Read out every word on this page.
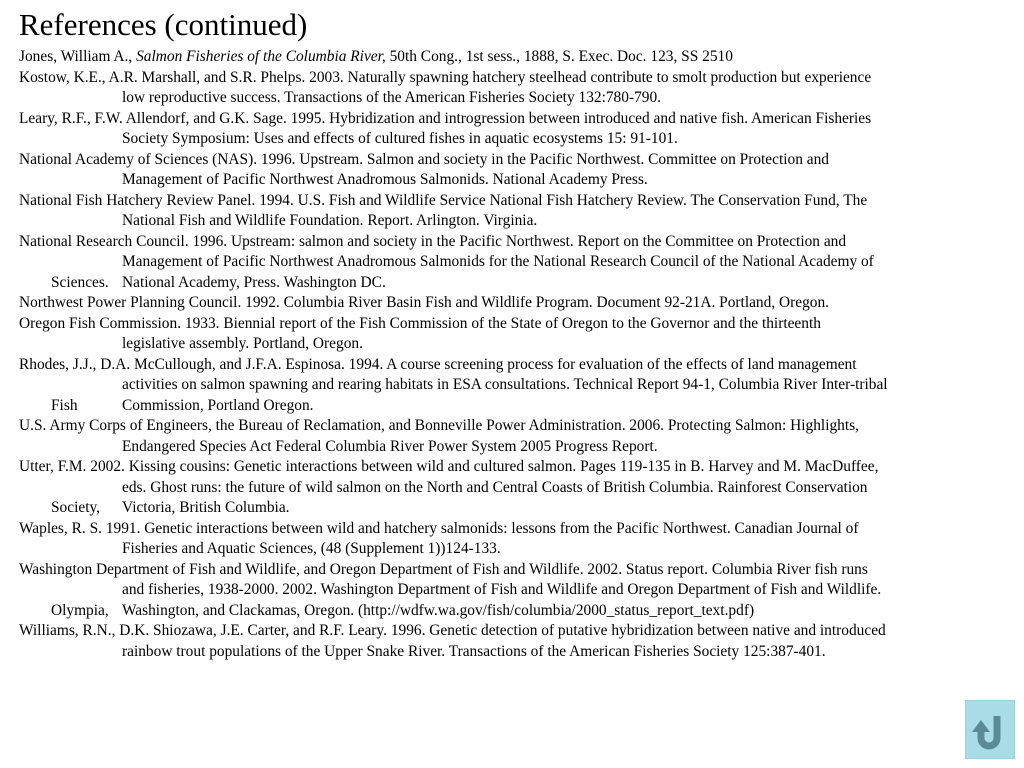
References (continued)
Jones, William A., Salmon Fisheries of the Columbia River, 50th Cong., 1st sess., 1888, S. Exec. Doc. 123, SS 2510
Kostow, K.E., A.R. Marshall, and S.R. Phelps. 2003. Naturally spawning hatchery steelhead contribute to smolt production but experience
low reproductive success. Transactions of the American Fisheries Society 132:780-790.
Leary, R.F., F.W. Allendorf, and G.K. Sage. 1995. Hybridization and introgression between introduced and native fish. American Fisheries
Society Symposium: Uses and effects of cultured fishes in aquatic ecosystems 15: 91-101.
National Academy of Sciences (NAS). 1996. Upstream. Salmon and society in the Pacific Northwest. Committee on Protection and
Management of Pacific Northwest Anadromous Salmonids. National Academy Press.
National Fish Hatchery Review Panel. 1994. U.S. Fish and Wildlife Service National Fish Hatchery Review. The Conservation Fund, The
National Fish and Wildlife Foundation. Report. Arlington. Virginia.
National Research Council. 1996. Upstream: salmon and society in the Pacific Northwest. Report on the Committee on Protection and
Management of Pacific Northwest Anadromous Salmonids for the National Research Council of the National Academy of
Sciences. National Academy, Press. Washington DC.
Northwest Power Planning Council. 1992. Columbia River Basin Fish and Wildlife Program. Document 92-21A. Portland, Oregon.
Oregon Fish Commission. 1933. Biennial report of the Fish Commission of the State of Oregon to the Governor and the thirteenth
legislative assembly. Portland, Oregon.
Rhodes, J.J., D.A. McCullough, and J.F.A. Espinosa. 1994. A course screening process for evaluation of the effects of land management
activities on salmon spawning and rearing habitats in ESA consultations. Technical Report 94-1, Columbia River Inter-tribal
Fish	Commission, Portland Oregon.
U.S. Army Corps of Engineers, the Bureau of Reclamation, and Bonneville Power Administration. 2006. Protecting Salmon: Highlights,
Endangered Species Act Federal Columbia River Power System 2005 Progress Report.
Utter, F.M. 2002. Kissing cousins: Genetic interactions between wild and cultured salmon. Pages 119-135 in B. Harvey and M. MacDuffee,
eds. Ghost runs: the future of wild salmon on the North and Central Coasts of British Columbia. Rainforest Conservation
Society, Victoria, British Columbia.
Waples, R. S. 1991. Genetic interactions between wild and hatchery salmonids: lessons from the Pacific Northwest. Canadian Journal of
Fisheries and Aquatic Sciences, (48 (Supplement 1))124-133.
Washington Department of Fish and Wildlife, and Oregon Department of Fish and Wildlife. 2002. Status report. Columbia River fish runs
and fisheries, 1938-2000. 2002. Washington Department of Fish and Wildlife and Oregon Department of Fish and Wildlife.
Olympia, Washington, and Clackamas, Oregon. (http://wdfw.wa.gov/fish/columbia/2000_status_report_text.pdf)
Williams, R.N., D.K. Shiozawa, J.E. Carter, and R.F. Leary. 1996. Genetic detection of putative hybridization between native and introduced
rainbow trout populations of the Upper Snake River. Transactions of the American Fisheries Society 125:387-401.
